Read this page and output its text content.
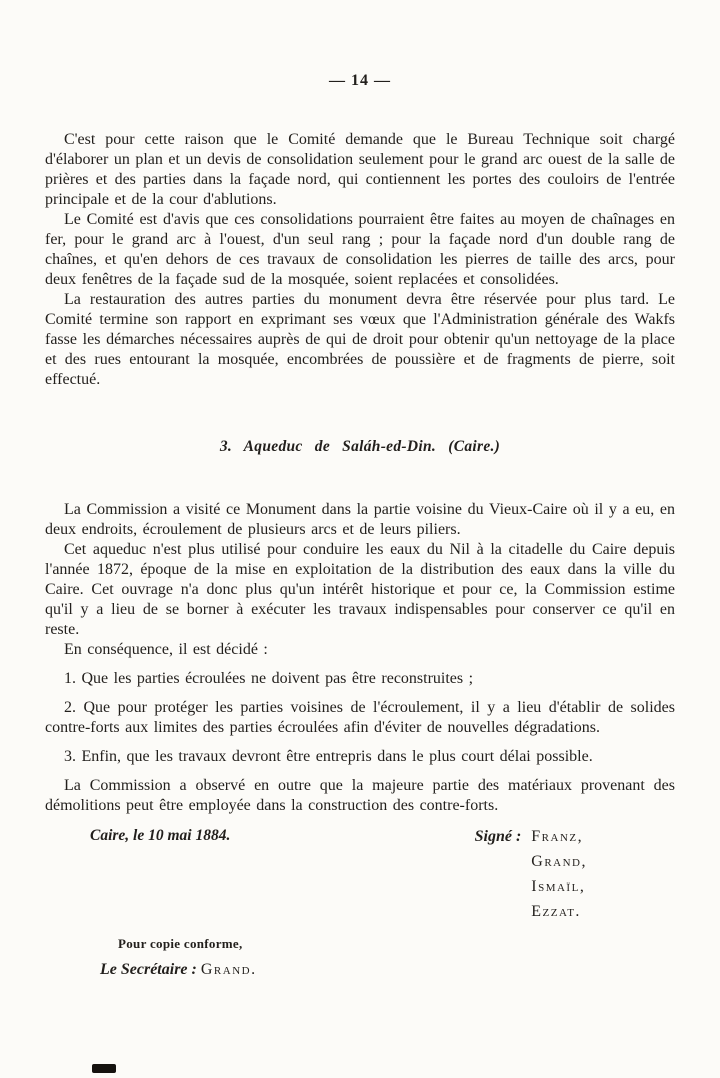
— 14 —

C'est pour cette raison que le Comité demande que le Bureau Technique soit chargé d'élaborer un plan et un devis de consolidation seulement pour le grand arc ouest de la salle de prières et des parties dans la façade nord, qui contiennent les portes des couloirs de l'entrée principale et de la cour d'ablutions.

Le Comité est d'avis que ces consolidations pourraient être faites au moyen de chaînages en fer, pour le grand arc à l'ouest, d'un seul rang ; pour la façade nord d'un double rang de chaînes, et qu'en dehors de ces travaux de consolidation les pierres de taille des arcs, pour deux fenêtres de la façade sud de la mosquée, soient replacées et consolidées.

La restauration des autres parties du monument devra être réservée pour plus tard. Le Comité termine son rapport en exprimant ses vœux que l'Administration générale des Wakfs fasse les démarches nécessaires auprès de qui de droit pour obtenir qu'un nettoyage de la place et des rues entourant la mosquée, encombrées de poussière et de fragments de pierre, soit effectué.

3. Aqueduc de Saláh-ed-Din. (Caire.)

La Commission a visité ce Monument dans la partie voisine du Vieux-Caire où il y a eu, en deux endroits, écroulement de plusieurs arcs et de leurs piliers.

Cet aqueduc n'est plus utilisé pour conduire les eaux du Nil à la citadelle du Caire depuis l'année 1872, époque de la mise en exploitation de la distribution des eaux dans la ville du Caire. Cet ouvrage n'a donc plus qu'un intérêt historique et pour ce, la Commission estime qu'il y a lieu de se borner à exécuter les travaux indispensables pour conserver ce qu'il en reste.

En conséquence, il est décidé :

1. Que les parties écroulées ne doivent pas être reconstruites ;

2. Que pour protéger les parties voisines de l'écroulement, il y a lieu d'établir de solides contre-forts aux limites des parties écroulées afin d'éviter de nouvelles dégradations.

3. Enfin, que les travaux devront être entrepris dans le plus court délai possible.

La Commission a observé en outre que la majeure partie des matériaux provenant des démolitions peut être employée dans la construction des contre-forts.

Caire, le 10 mai 1884.	Signé : Franz,
Grand,
Ismaïl,
Ezzat.
Pour copie conforme,
Le Secrétaire : Grand.
